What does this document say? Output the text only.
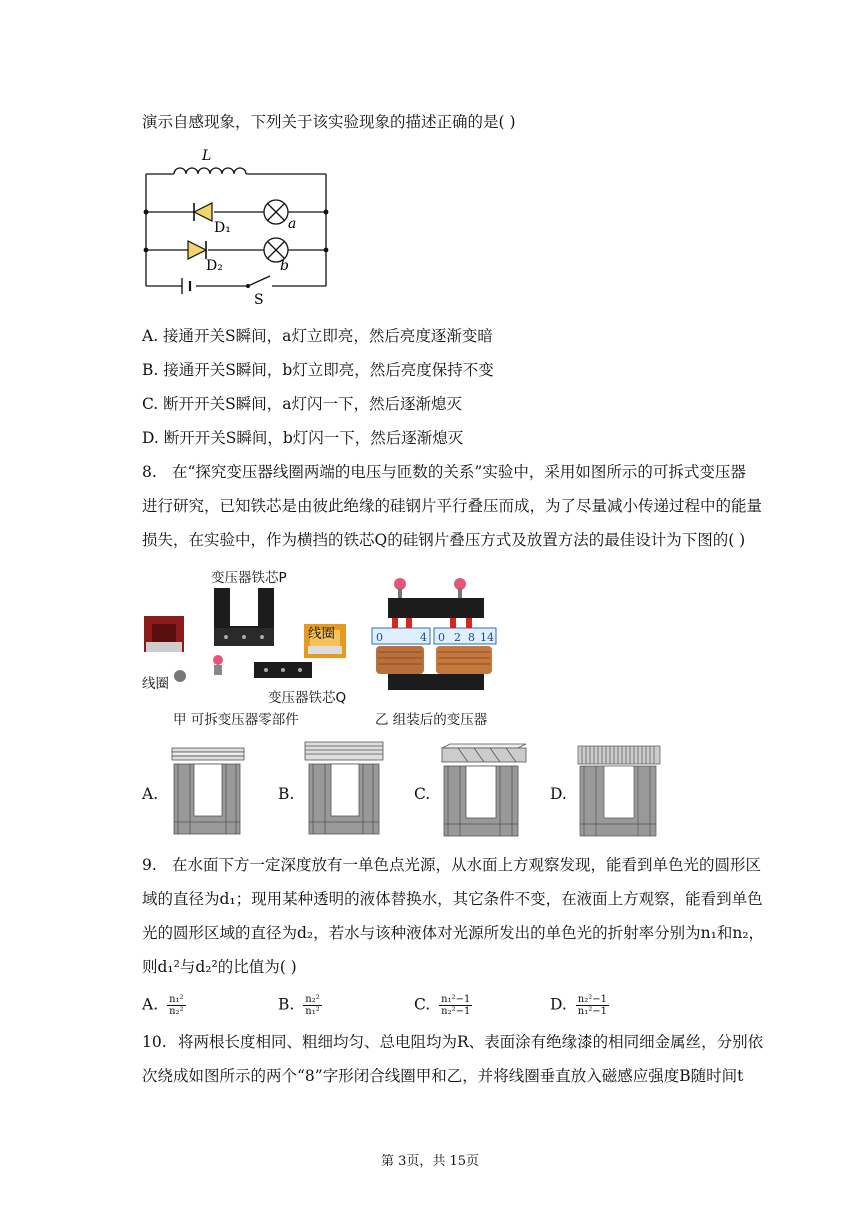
演示自感现象，下列关于该实验现象的描述正确的是( )
L
D₁	a
D₂	b
S
A. 接通开关S瞬间，a灯立即亮，然后亮度逐渐变暗
B. 接通开关S瞬间，b灯立即亮，然后亮度保持不变
C. 断开开关S瞬间，a灯闪一下，然后逐渐熄灭
D. 断开开关S瞬间，b灯闪一下，然后逐渐熄灭
8. 在“探究变压器线圈两端的电压与匝数的关系”实验中，采用如图所示的可拆式变压器
进行研究，已知铁芯是由彼此绝缘的硅钢片平行叠压而成，为了尽量减小传递过程中的能量
损失，在实验中，作为横挡的铁芯Q的硅钢片叠压方式及放置方法的最佳设计为下图的( )
变压器铁芯P
线圈
线圈
变压器铁芯Q
0	4 0 2 8 14
甲 可拆变压器零部件	乙 组装后的变压器
A.	B.	C.	D.
9. 在水面下方一定深度放有一单色点光源，从水面上方观察发现，能看到单色光的圆形区
域的直径为d₁；现用某种透明的液体替换水，其它条件不变，在液面上方观察，能看到单色
光的圆形区域的直径为d₂，若水与该种液体对光源所发出的单色光的折射率分别为n₁和n₂，
则d₁²与d₂²的比值为( )
A. $\frac{\text{n₁²}}{\text{n₂²}}$	B. $\frac{\text{n₂²}}{\text{n₁²}}$	C. $\frac{\text{n₁²−1}}{\text{n₂²−1}}$	D. $\frac{\text{n₂²−1}}{\text{n₁²−1}}$
10. 将两根长度相同、粗细均匀、总电阻均为R、表面涂有绝缘漆的相同细金属丝，分别依
次绕成如图所示的两个“8”字形闭合线圈甲和乙，并将线圈垂直放入磁感应强度B随时间t
第 3页，共 15页
